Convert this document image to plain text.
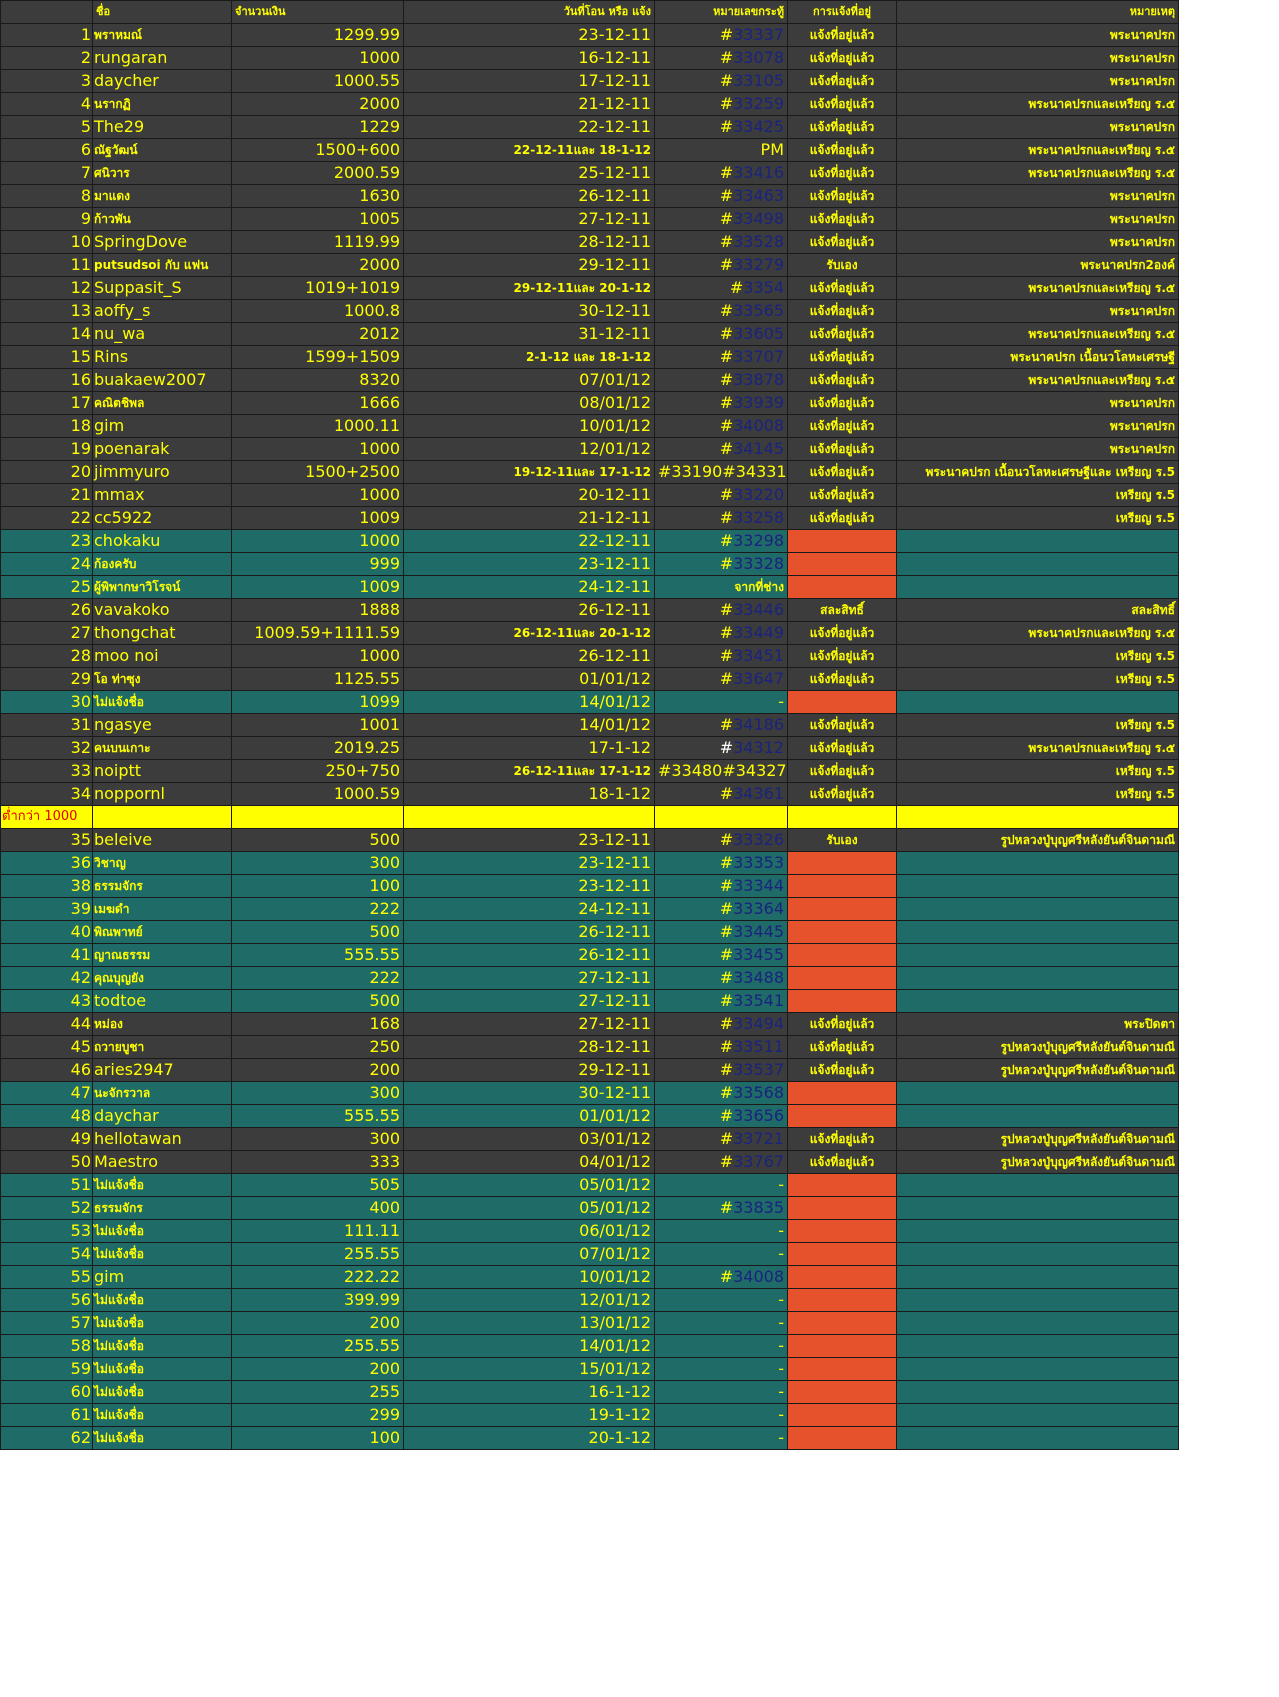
	ชื่อ	จำนวนเงิน	วันที่โอน หรือ แจ้ง	หมายเลขกระทู้	การแจ้งที่อยู่	หมายเหตุ
1	พราหมณ์	1299.99	23-12-11	#33337	แจ้งที่อยู่แล้ว	พระนาคปรก
2	rungaran	1000	16-12-11	#33078	แจ้งที่อยู่แล้ว	พระนาคปรก
3	daycher	1000.55	17-12-11	#33105	แจ้งที่อยู่แล้ว	พระนาคปรก
4	นรากฏิ	2000	21-12-11	#33259	แจ้งที่อยู่แล้ว	พระนาคปรกและเหรียญ ร.๕
5	The29	1229	22-12-11	#33425	แจ้งที่อยู่แล้ว	พระนาคปรก
6	ณัฐวัฒน์	1500+600	22-12-11และ 18-1-12	PM	แจ้งที่อยู่แล้ว	พระนาคปรกและเหรียญ ร.๕
7	ศนิวาร	2000.59	25-12-11	#33416	แจ้งที่อยู่แล้ว	พระนาคปรกและเหรียญ ร.๕
8	มาแดง	1630	26-12-11	#33463	แจ้งที่อยู่แล้ว	พระนาคปรก
9	ก้าวพัน	1005	27-12-11	#33498	แจ้งที่อยู่แล้ว	พระนาคปรก
10	SpringDove	1119.99	28-12-11	#33528	แจ้งที่อยู่แล้ว	พระนาคปรก
11	putsudsoi กับ แฟน	2000	29-12-11	#33279	รับเอง	พระนาคปรก2องค์
12	Suppasit_S	1019+1019	29-12-11และ 20-1-12	#3354	แจ้งที่อยู่แล้ว	พระนาคปรกและเหรียญ ร.๕
13	aoffy_s	1000.8	30-12-11	#33565	แจ้งที่อยู่แล้ว	พระนาคปรก
14	nu_wa	2012	31-12-11	#33605	แจ้งที่อยู่แล้ว	พระนาคปรกและเหรียญ ร.๕
15	Rins	1599+1509	2-1-12 และ 18-1-12	#33707	แจ้งที่อยู่แล้ว	พระนาคปรก เนื้อนวโลหะเศรษฐี
16	buakaew2007	8320	07/01/12	#33878	แจ้งที่อยู่แล้ว	พระนาคปรกและเหรียญ ร.๕
17	คณิตชิพล	1666	08/01/12	#33939	แจ้งที่อยู่แล้ว	พระนาคปรก
18	gim	1000.11	10/01/12	#34008	แจ้งที่อยู่แล้ว	พระนาคปรก
19	poenarak	1000	12/01/12	#34145	แจ้งที่อยู่แล้ว	พระนาคปรก
20	jimmyuro	1500+2500	19-12-11และ 17-1-12	#33190#34331	แจ้งที่อยู่แล้ว	พระนาคปรก เนื้อนวโลหะเศรษฐีและ เหรียญ ร.5
21	mmax	1000	20-12-11	#33220	แจ้งที่อยู่แล้ว	เหรียญ ร.5
22	cc5922	1009	21-12-11	#33258	แจ้งที่อยู่แล้ว	เหรียญ ร.5
23	chokaku	1000	22-12-11	#33298		
24	ก้องครับ	999	23-12-11	#33328		
25	ผู้พิพากษาวิโรจน์	1009	24-12-11	จากที่ช่าง		
26	vavakoko	1888	26-12-11	#33446	สละสิทธิ์	สละสิทธิ์
27	thongchat	1009.59+1111.59	26-12-11และ 20-1-12	#33449	แจ้งที่อยู่แล้ว	พระนาคปรกและเหรียญ ร.๕
28	moo noi	1000	26-12-11	#33451	แจ้งที่อยู่แล้ว	เหรียญ ร.5
29	โอ ท่าซุง	1125.55	01/01/12	#33647	แจ้งที่อยู่แล้ว	เหรียญ ร.5
30	ไม่แจ้งชื่อ	1099	14/01/12	-		
31	ngasye	1001	14/01/12	#34186	แจ้งที่อยู่แล้ว	เหรียญ ร.5
32	คนบนเกาะ	2019.25	17-1-12	#34312	แจ้งที่อยู่แล้ว	พระนาคปรกและเหรียญ ร.๕
33	noiptt	250+750	26-12-11และ 17-1-12	#33480#34327	แจ้งที่อยู่แล้ว	เหรียญ ร.5
34	noppornl	1000.59	18-1-12	#34361	แจ้งที่อยู่แล้ว	เหรียญ ร.5
ต่ำกว่า 1000						
35	beleive	500	23-12-11	#33326	รับเอง	รูปหลวงปู่บุญศรีหลังยันต์จินดามณี
36	วิชาญ	300	23-12-11	#33353		
38	ธรรมจักร	100	23-12-11	#33344		
39	เมฆดำ	222	24-12-11	#33364		
40	พิณพาทย์	500	26-12-11	#33445		
41	ญาณธรรม	555.55	26-12-11	#33455		
42	คุณบุญยัง	222	27-12-11	#33488		
43	todtoe	500	27-12-11	#33541		
44	หม่อง	168	27-12-11	#33494	แจ้งที่อยู่แล้ว	พระปิดตา
45	ถวายบูชา	250	28-12-11	#33511	แจ้งที่อยู่แล้ว	รูปหลวงปู่บุญศรีหลังยันต์จินดามณี
46	aries2947	200	29-12-11	#33537	แจ้งที่อยู่แล้ว	รูปหลวงปู่บุญศรีหลังยันต์จินดามณี
47	นะจักรวาล	300	30-12-11	#33568		
48	daychar	555.55	01/01/12	#33656		
49	hellotawan	300	03/01/12	#33721	แจ้งที่อยู่แล้ว	รูปหลวงปู่บุญศรีหลังยันต์จินดามณี
50	Maestro	333	04/01/12	#33767	แจ้งที่อยู่แล้ว	รูปหลวงปู่บุญศรีหลังยันต์จินดามณี
51	ไม่แจ้งชื่อ	505	05/01/12	-		
52	ธรรมจักร	400	05/01/12	#33835		
53	ไม่แจ้งชื่อ	111.11	06/01/12	-		
54	ไม่แจ้งชื่อ	255.55	07/01/12	-		
55	gim	222.22	10/01/12	#34008		
56	ไม่แจ้งชื่อ	399.99	12/01/12	-		
57	ไม่แจ้งชื่อ	200	13/01/12	-		
58	ไม่แจ้งชื่อ	255.55	14/01/12	-		
59	ไม่แจ้งชื่อ	200	15/01/12	-		
60	ไม่แจ้งชื่อ	255	16-1-12	-		
61	ไม่แจ้งชื่อ	299	19-1-12	-		
62	ไม่แจ้งชื่อ	100	20-1-12	-		
